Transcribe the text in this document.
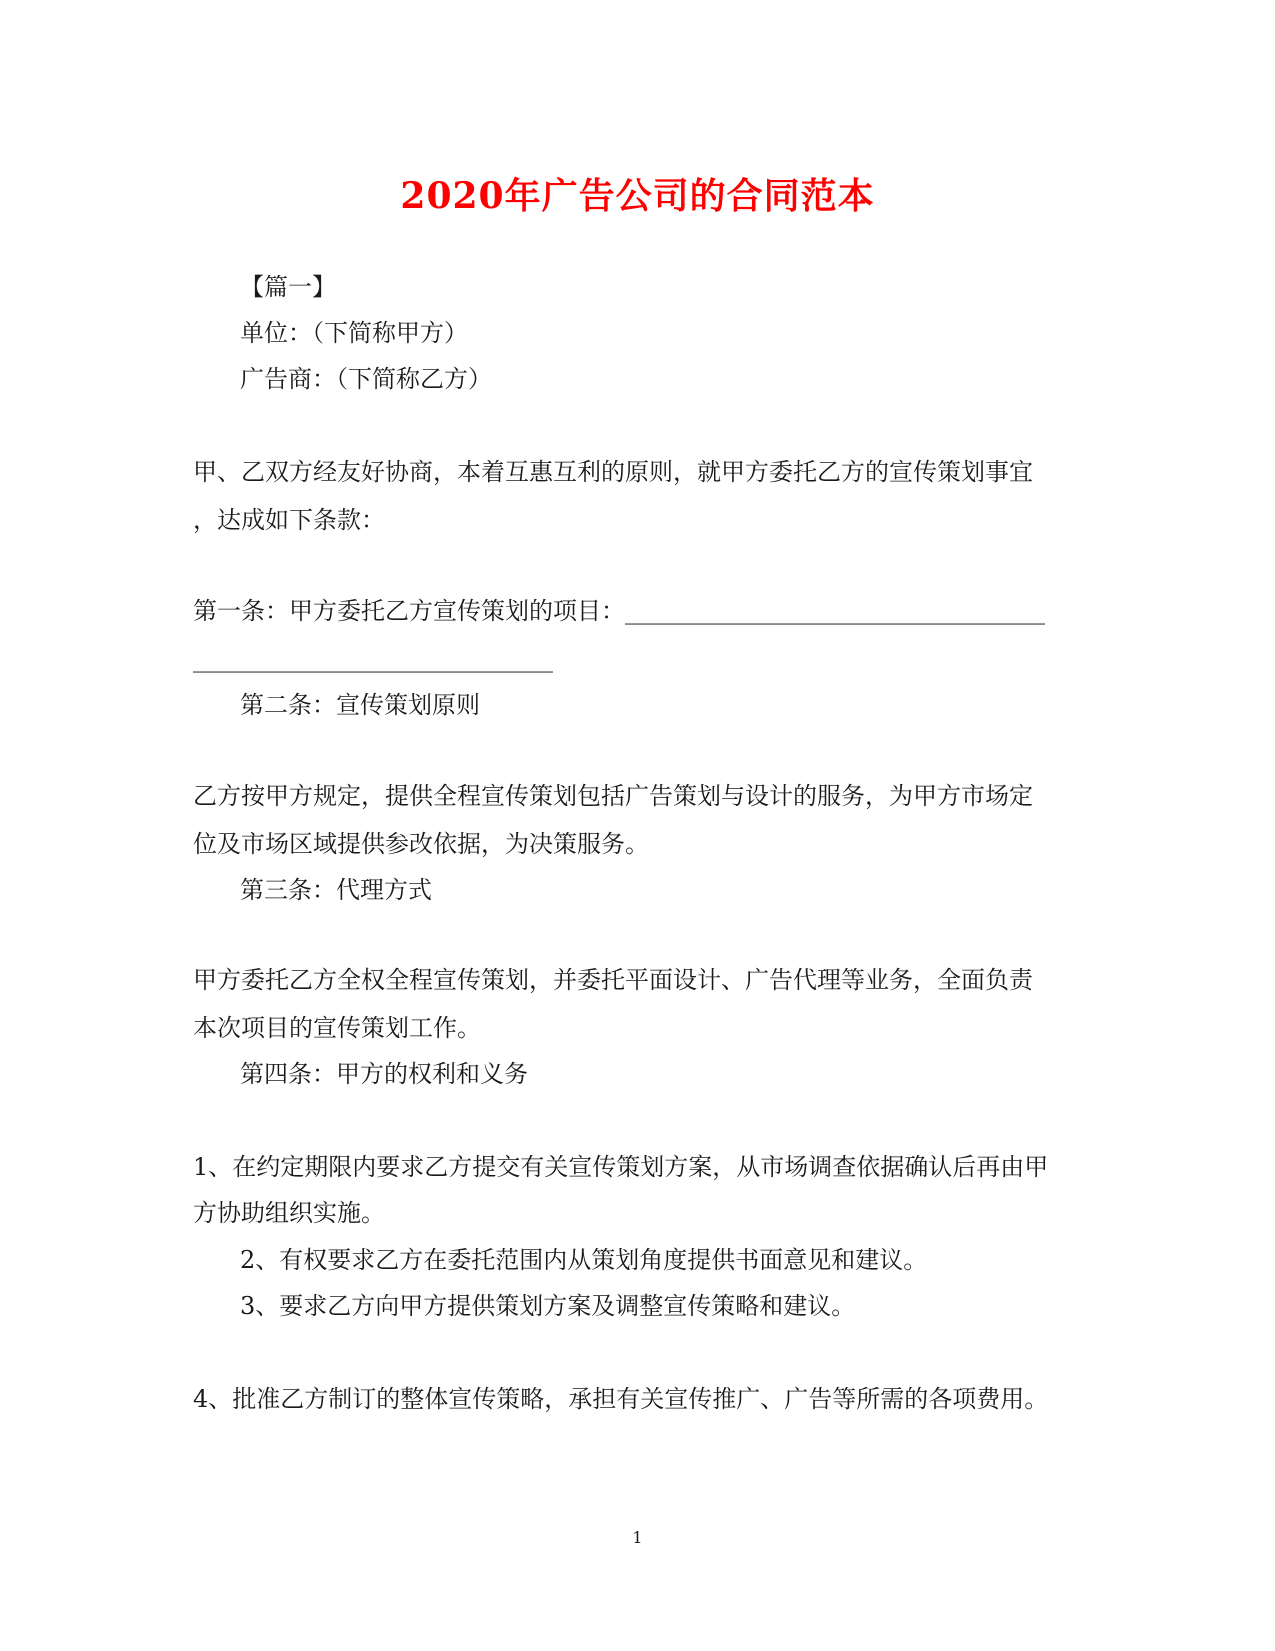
2020年广告公司的合同范本
【篇一】
单位：（下简称甲方）
广告商：（下简称乙方）
甲、乙双方经友好协商，本着互惠互利的原则，就甲方委托乙方的宣传策划事宜
，达成如下条款：
第一条：甲方委托乙方宣传策划的项目：___________________________________
______________________________
第二条：宣传策划原则
乙方按甲方规定，提供全程宣传策划包括广告策划与设计的服务，为甲方市场定
位及市场区域提供参改依据，为决策服务。
第三条：代理方式
甲方委托乙方全权全程宣传策划，并委托平面设计、广告代理等业务，全面负责
本次项目的宣传策划工作。
第四条：甲方的权利和义务
1、在约定期限内要求乙方提交有关宣传策划方案，从市场调查依据确认后再由甲
方协助组织实施。
2、有权要求乙方在委托范围内从策划角度提供书面意见和建议。
3、要求乙方向甲方提供策划方案及调整宣传策略和建议。
4、批准乙方制订的整体宣传策略，承担有关宣传推广、广告等所需的各项费用。
1
